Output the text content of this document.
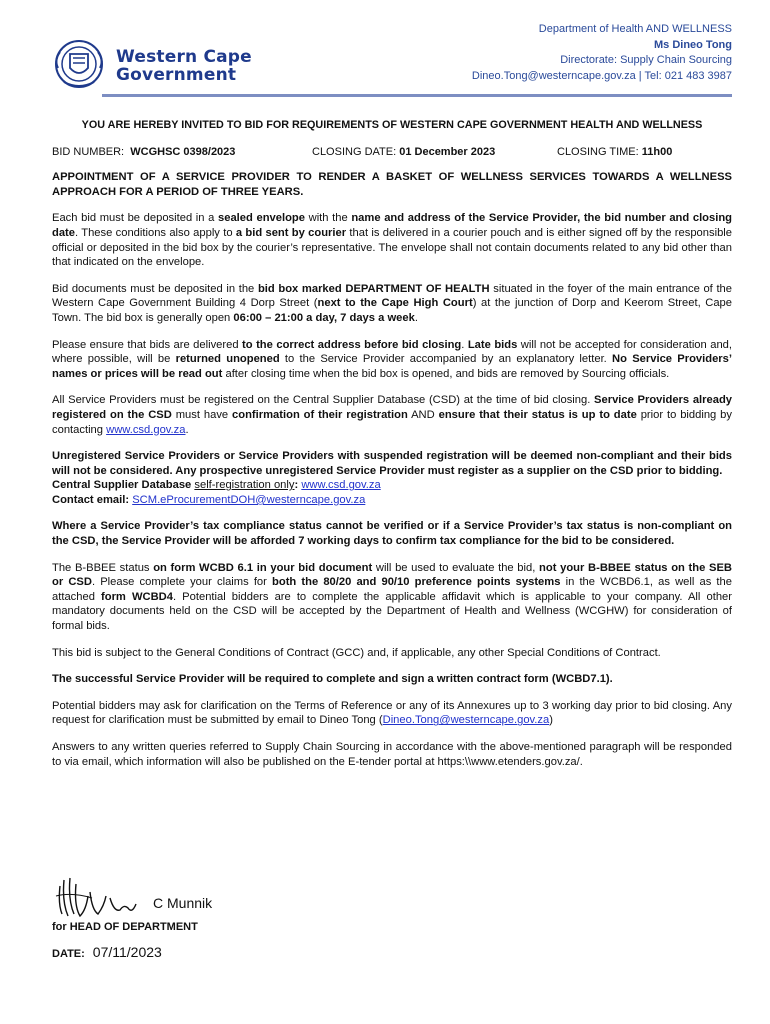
Western Cape
Government
Department of Health AND WELLNESS
Ms Dineo Tong
Directorate: Supply Chain Sourcing
Dineo.Tong@westerncape.gov.za | Tel: 021 483 3987
YOU ARE HEREBY INVITED TO BID FOR REQUIREMENTS OF WESTERN CAPE GOVERNMENT HEALTH AND WELLNESS
BID NUMBER: WCGHSC 0398/2023	CLOSING DATE: 01 December 2023	CLOSING TIME: 11h00

APPOINTMENT OF A SERVICE PROVIDER TO RENDER A BASKET OF WELLNESS SERVICES TOWARDS A WELLNESS APPROACH FOR A PERIOD OF THREE YEARS.

Each bid must be deposited in a sealed envelope with the name and address of the Service Provider, the bid number and closing date. These conditions also apply to a bid sent by courier that is delivered in a courier pouch and is either signed off by the responsible official or deposited in the bid box by the courier’s representative. The envelope shall not contain documents related to any bid other than that indicated on the envelope.

Bid documents must be deposited in the bid box marked DEPARTMENT OF HEALTH situated in the foyer of the main entrance of the Western Cape Government Building 4 Dorp Street (next to the Cape High Court) at the junction of Dorp and Keerom Street, Cape Town. The bid box is generally open 06:00 – 21:00 a day, 7 days a week.

Please ensure that bids are delivered to the correct address before bid closing. Late bids will not be accepted for consideration and, where possible, will be returned unopened to the Service Provider accompanied by an explanatory letter. No Service Providers’ names or prices will be read out after closing time when the bid box is opened, and bids are removed by Sourcing officials.

All Service Providers must be registered on the Central Supplier Database (CSD) at the time of bid closing. Service Providers already registered on the CSD must have confirmation of their registration AND ensure that their status is up to date prior to bidding by contacting www.csd.gov.za.

Unregistered Service Providers or Service Providers with suspended registration will be deemed non-compliant and their bids will not be considered. Any prospective unregistered Service Provider must register as a supplier on the CSD prior to bidding.
Central Supplier Database self-registration only: www.csd.gov.za
Contact email: SCM.eProcurementDOH@westerncape.gov.za

Where a Service Provider’s tax compliance status cannot be verified or if a Service Provider’s tax status is non-compliant on the CSD, the Service Provider will be afforded 7 working days to confirm tax compliance for the bid to be considered.

The B-BBEE status on form WCBD 6.1 in your bid document will be used to evaluate the bid, not your B-BBEE status on the SEB or CSD. Please complete your claims for both the 80/20 and 90/10 preference points systems in the WCBD6.1, as well as the attached form WCBD4. Potential bidders are to complete the applicable affidavit which is applicable to your company. All other mandatory documents held on the CSD will be accepted by the Department of Health and Wellness (WCGHW) for consideration of formal bids.

This bid is subject to the General Conditions of Contract (GCC) and, if applicable, any other Special Conditions of Contract.

The successful Service Provider will be required to complete and sign a written contract form (WCBD7.1).

Potential bidders may ask for clarification on the Terms of Reference or any of its Annexures up to 3 working day prior to bid closing. Any request for clarification must be submitted by email to Dineo Tong (Dineo.Tong@westerncape.gov.za)

Answers to any written queries referred to Supply Chain Sourcing in accordance with the above-mentioned paragraph will be responded to via email, which information will also be published on the E-tender portal at https:\\www.etenders.gov.za/.

C Munnik
for HEAD OF DEPARTMENT
DATE: 07/11/2023
